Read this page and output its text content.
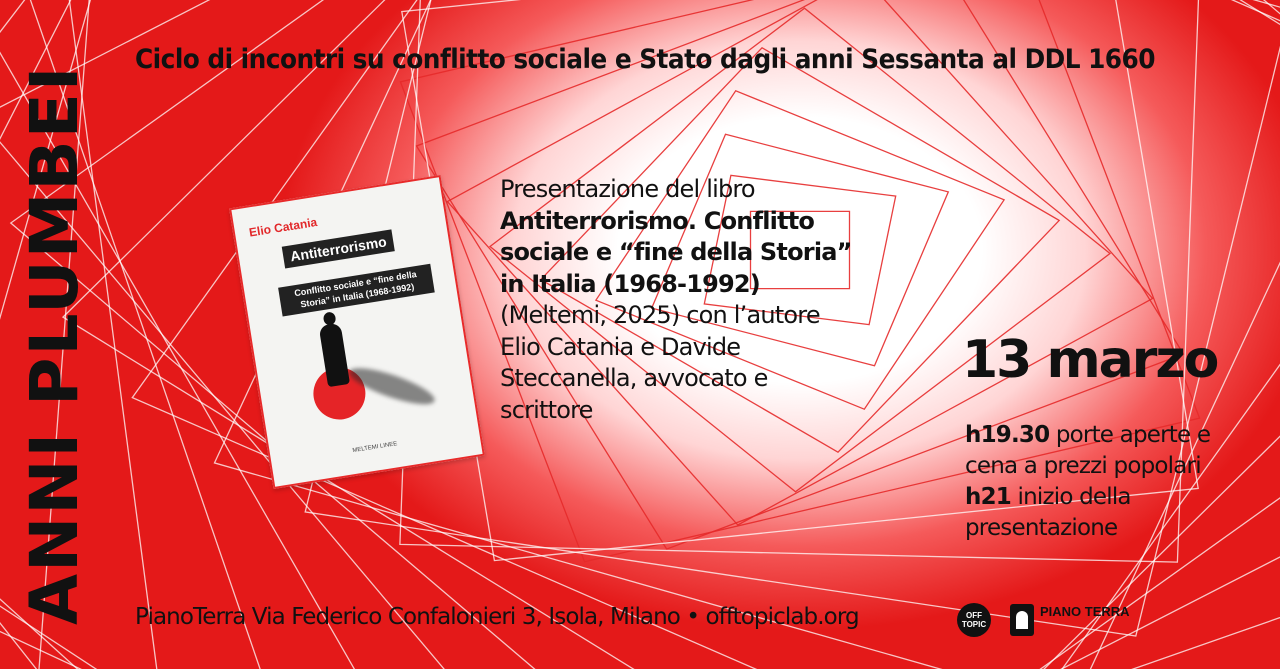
ANNI PLUMBEI
Ciclo di incontri su conflitto sociale e Stato dagli anni Sessanta al DDL 1660
Elio Catania
Antiterrorismo
Conflitto sociale e “fine della Storia” in Italia (1968-1992)
MELTEMI LINEE
Presentazione del libro
Antiterrorismo. Conflitto
sociale e “fine della Storia”
in Italia (1968-1992)
(Meltemi, 2025) con l’autore
Elio Catania e Davide
Steccanella, avvocato e
scrittore
13 marzo
h19.30 porte aperte e cena a prezzi popolari
h21 inizio della presentazione
PianoTerra Via Federico Confalonieri 3, Isola, Milano • offtopiclab.org	OFF TOPIC
PIANO TERRA
